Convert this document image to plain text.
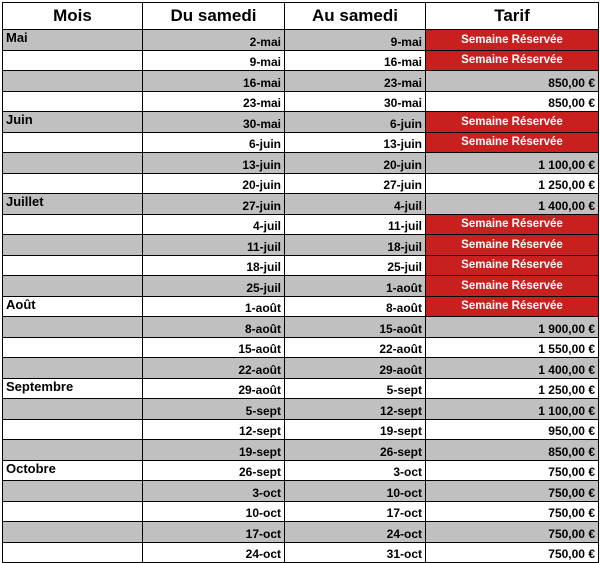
Mois	Du samedi	Au samedi	Tarif
Mai	2-mai	9-mai	Semaine Réservée
	9-mai	16-mai	Semaine Réservée
	16-mai	23-mai	850,00 €
	23-mai	30-mai	850,00 €
Juin	30-mai	6-juin	Semaine Réservée
	6-juin	13-juin	Semaine Réservée
	13-juin	20-juin	1 100,00 €
	20-juin	27-juin	1 250,00 €
Juillet	27-juin	4-juil	1 400,00 €
	4-juil	11-juil	Semaine Réservée
	11-juil	18-juil	Semaine Réservée
	18-juil	25-juil	Semaine Réservée
	25-juil	1-août	Semaine Réservée
Août	1-août	8-août	Semaine Réservée
	8-août	15-août	1 900,00 €
	15-août	22-août	1 550,00 €
	22-août	29-août	1 400,00 €
Septembre	29-août	5-sept	1 250,00 €
	5-sept	12-sept	1 100,00 €
	12-sept	19-sept	950,00 €
	19-sept	26-sept	850,00 €
Octobre	26-sept	3-oct	750,00 €
	3-oct	10-oct	750,00 €
	10-oct	17-oct	750,00 €
	17-oct	24-oct	750,00 €
	24-oct	31-oct	750,00 €
